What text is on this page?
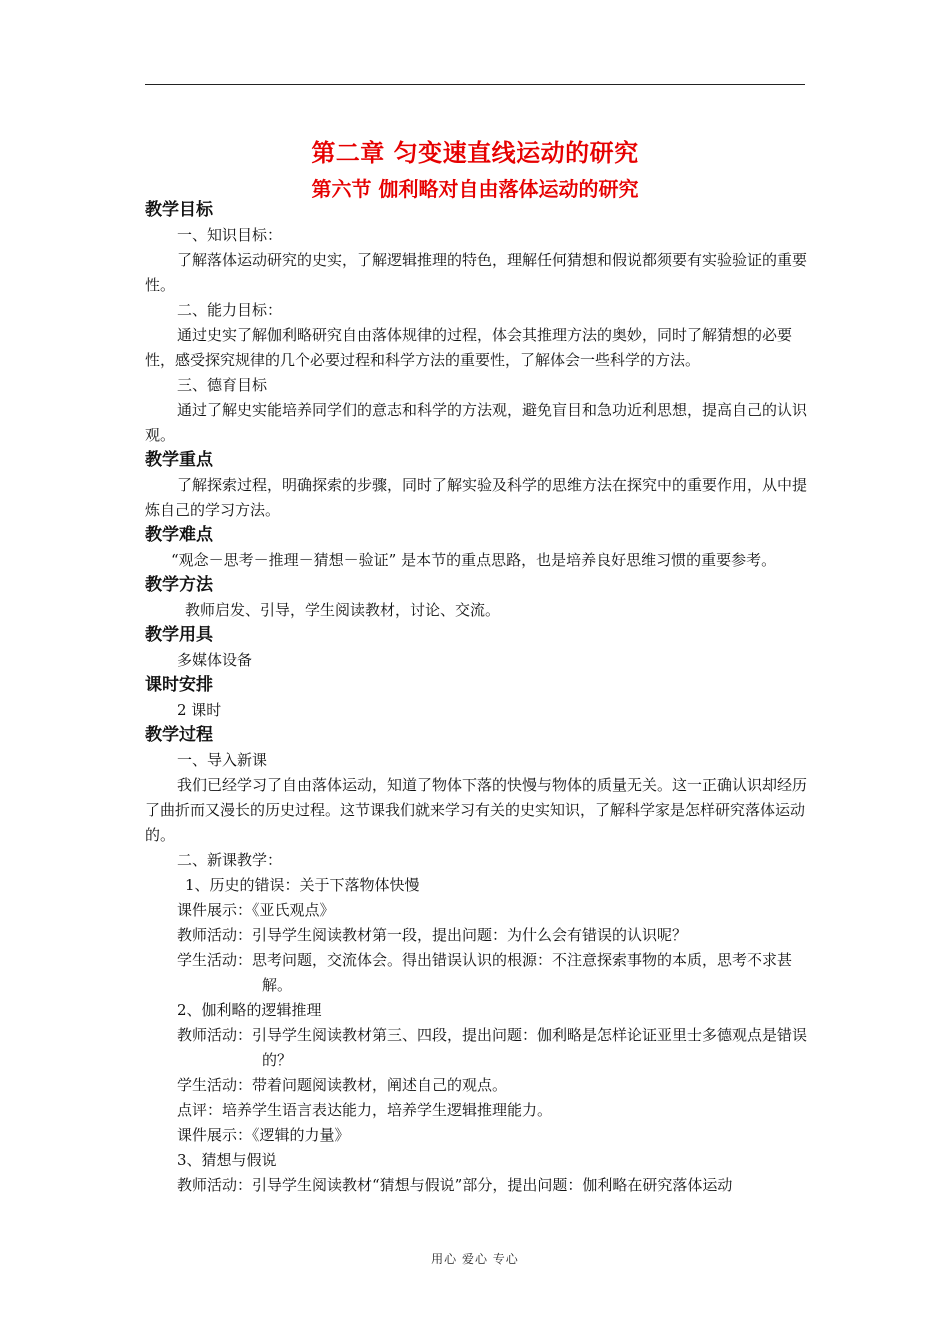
第二章 匀变速直线运动的研究
第六节 伽利略对自由落体运动的研究
教学目标

一、知识目标：

了解落体运动研究的史实，了解逻辑推理的特色，理解任何猜想和假说都须要有实验验证的重要性。

二、能力目标：

通过史实了解伽利略研究自由落体规律的过程，体会其推理方法的奥妙，同时了解猜想的必要性，感受探究规律的几个必要过程和科学方法的重要性，了解体会一些科学的方法。

三、德育目标

通过了解史实能培养同学们的意志和科学的方法观，避免盲目和急功近利思想，提高自己的认识观。

教学重点

了解探索过程，明确探索的步骤，同时了解实验及科学的思维方法在探究中的重要作用，从中提炼自己的学习方法。

教学难点

“观念－思考－推理－猜想－验证” 是本节的重点思路，也是培养良好思维习惯的重要参考。

教学方法

教师启发、引导，学生阅读教材，讨论、交流。

教学用具

多媒体设备

课时安排

2 课时

教学过程

一、导入新课

我们已经学习了自由落体运动，知道了物体下落的快慢与物体的质量无关。这一正确认识却经历了曲折而又漫长的历史过程。这节课我们就来学习有关的史实知识，了解科学家是怎样研究落体运动的。

二、新课教学：

1、历史的错误：关于下落物体快慢

课件展示：《亚氏观点》

教师活动：引导学生阅读教材第一段，提出问题：为什么会有错误的认识呢？

学生活动：思考问题，交流体会。得出错误认识的根源：不注意探索事物的本质，思考不求甚解。

2、伽利略的逻辑推理

教师活动：引导学生阅读教材第三、四段，提出问题：伽利略是怎样论证亚里士多德观点是错误的？

学生活动：带着问题阅读教材，阐述自己的观点。

点评：培养学生语言表达能力，培养学生逻辑推理能力。

课件展示：《逻辑的力量》

3、猜想与假说

教师活动：引导学生阅读教材“猜想与假说”部分，提出问题：伽利略在研究落体运动

用心 爱心 专心
